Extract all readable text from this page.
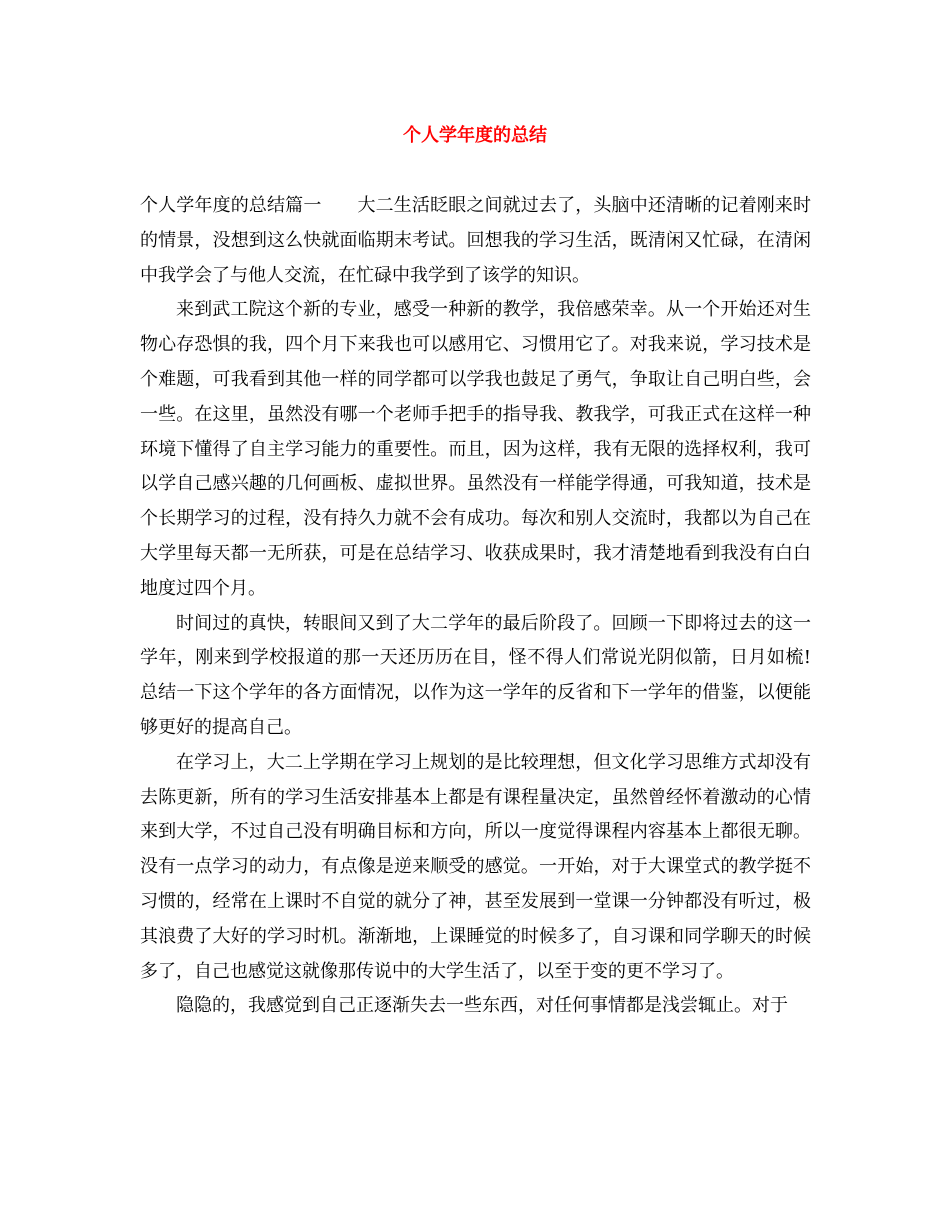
个人学年度的总结

个人学年度的总结篇一 大二生活眨眼之间就过去了，头脑中还清晰的记着刚来时的情景，没想到这么快就面临期末考试。回想我的学习生活，既清闲又忙碌，在清闲中我学会了与他人交流，在忙碌中我学到了该学的知识。

来到武工院这个新的专业，感受一种新的教学，我倍感荣幸。从一个开始还对生物心存恐惧的我，四个月下来我也可以感用它、习惯用它了。对我来说，学习技术是个难题，可我看到其他一样的同学都可以学我也鼓足了勇气，争取让自己明白些，会一些。在这里，虽然没有哪一个老师手把手的指导我、教我学，可我正式在这样一种环境下懂得了自主学习能力的重要性。而且，因为这样，我有无限的选择权利，我可以学自己感兴趣的几何画板、虚拟世界。虽然没有一样能学得通，可我知道，技术是个长期学习的过程，没有持久力就不会有成功。每次和别人交流时，我都以为自己在大学里每天都一无所获，可是在总结学习、收获成果时，我才清楚地看到我没有白白地度过四个月。

时间过的真快，转眼间又到了大二学年的最后阶段了。回顾一下即将过去的这一学年，刚来到学校报道的那一天还历历在目，怪不得人们常说光阴似箭，日月如梳!总结一下这个学年的各方面情况，以作为这一学年的反省和下一学年的借鉴，以便能够更好的提高自己。

在学习上，大二上学期在学习上规划的是比较理想，但文化学习思维方式却没有去陈更新，所有的学习生活安排基本上都是有课程量决定，虽然曾经怀着激动的心情来到大学，不过自己没有明确目标和方向，所以一度觉得课程内容基本上都很无聊。没有一点学习的动力，有点像是逆来顺受的感觉。一开始，对于大课堂式的教学挺不习惯的，经常在上课时不自觉的就分了神，甚至发展到一堂课一分钟都没有听过，极其浪费了大好的学习时机。渐渐地，上课睡觉的时候多了，自习课和同学聊天的时候多了，自己也感觉这就像那传说中的大学生活了，以至于变的更不学习了。

隐隐的，我感觉到自己正逐渐失去一些东西，对任何事情都是浅尝辄止。对于
